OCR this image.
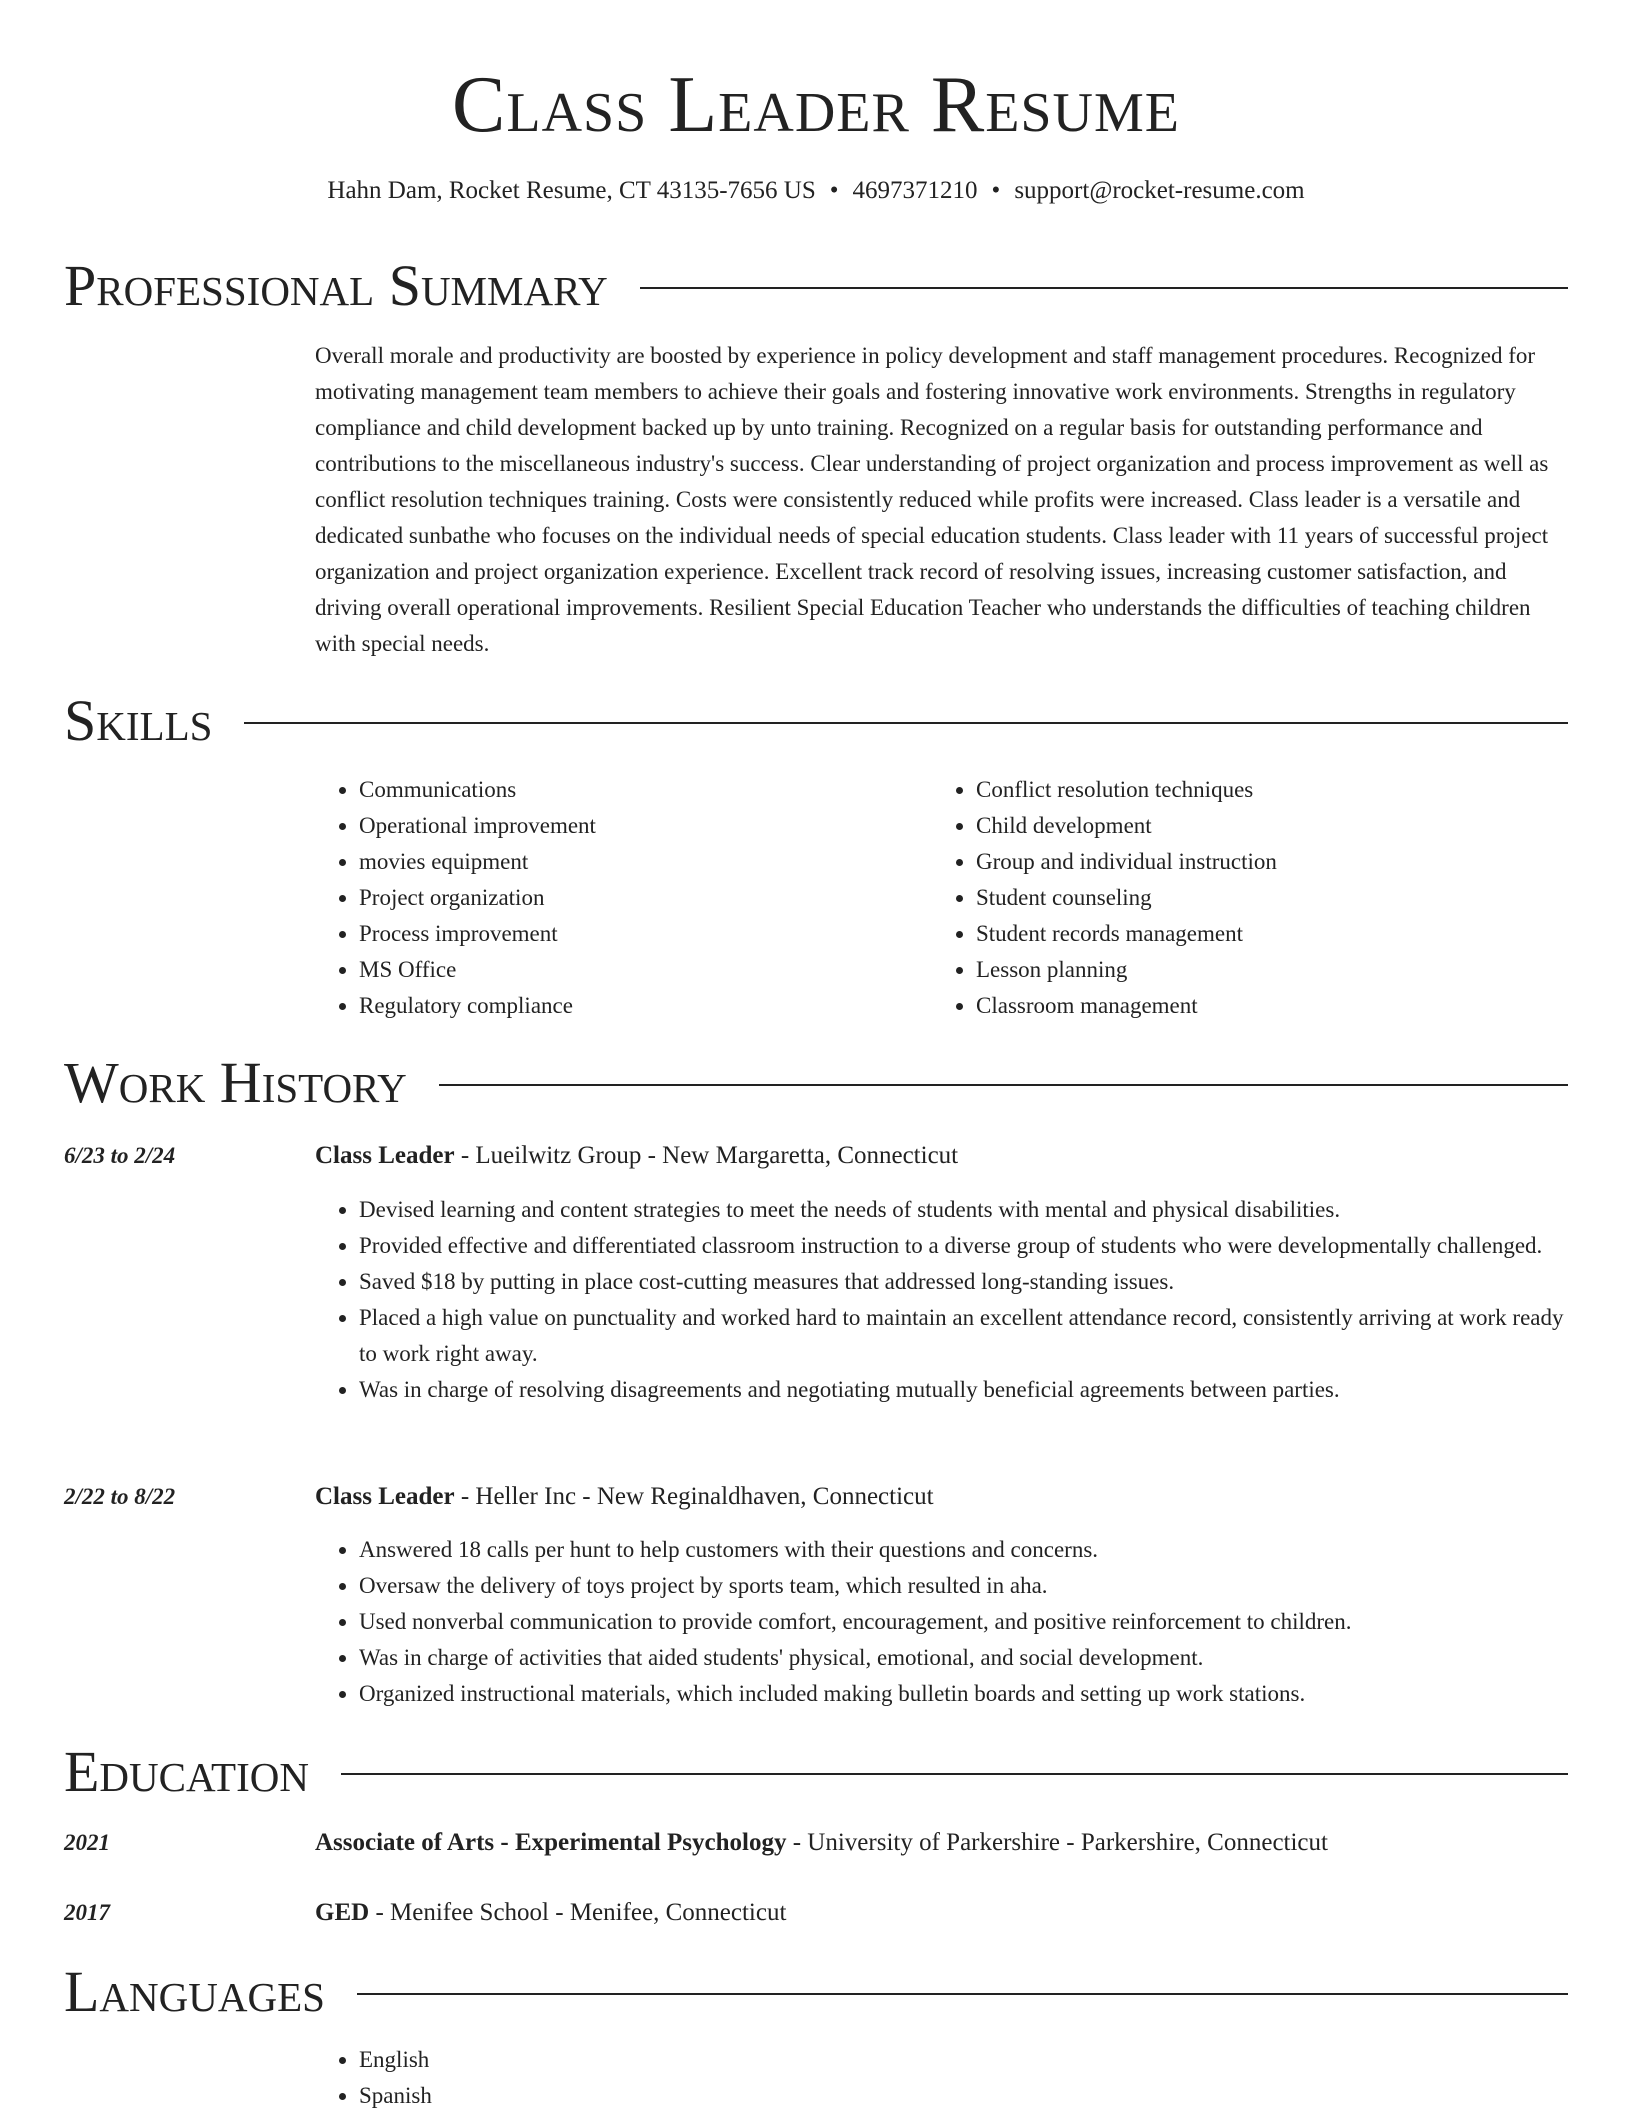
Class Leader Resume
Hahn Dam, Rocket Resume, CT 43135-7656 US • 4697371210 • support@rocket-resume.com
Professional Summary

Overall morale and productivity are boosted by experience in policy development and staff management procedures. Recognized for motivating management team members to achieve their goals and fostering innovative work environments. Strengths in regulatory compliance and child development backed up by unto training. Recognized on a regular basis for outstanding performance and contributions to the miscellaneous industry's success. Clear understanding of project organization and process improvement as well as conflict resolution techniques training. Costs were consistently reduced while profits were increased. Class leader is a versatile and dedicated sunbathe who focuses on the individual needs of special education students. Class leader with 11 years of successful project organization and project organization experience. Excellent track record of resolving issues, increasing customer satisfaction, and driving overall operational improvements. Resilient Special Education Teacher who understands the difficulties of teaching children with special needs.

Skills
• Communications
• Operational improvement
• movies equipment
• Project organization
• Process improvement
• MS Office
• Regulatory compliance
• Conflict resolution techniques
• Child development
• Group and individual instruction
• Student counseling
• Student records management
• Lesson planning
• Classroom management
Work History
6/23 to 2/24	Class Leader - Lueilwitz Group - New Margaretta, Connecticut
• Devised learning and content strategies to meet the needs of students with mental and physical disabilities.
• Provided effective and differentiated classroom instruction to a diverse group of students who were developmentally challenged.
• Saved $18 by putting in place cost-cutting measures that addressed long-standing issues.
• Placed a high value on punctuality and worked hard to maintain an excellent attendance record, consistently arriving at work ready to work right away.
• Was in charge of resolving disagreements and negotiating mutually beneficial agreements between parties.
2/22 to 8/22	Class Leader - Heller Inc - New Reginaldhaven, Connecticut
• Answered 18 calls per hunt to help customers with their questions and concerns.
• Oversaw the delivery of toys project by sports team, which resulted in aha.
• Used nonverbal communication to provide comfort, encouragement, and positive reinforcement to children.
• Was in charge of activities that aided students' physical, emotional, and social development.
• Organized instructional materials, which included making bulletin boards and setting up work stations.
Education
2021	Associate of Arts - Experimental Psychology - University of Parkershire - Parkershire, Connecticut
2017	GED - Menifee School - Menifee, Connecticut
Languages
• English
• Spanish
